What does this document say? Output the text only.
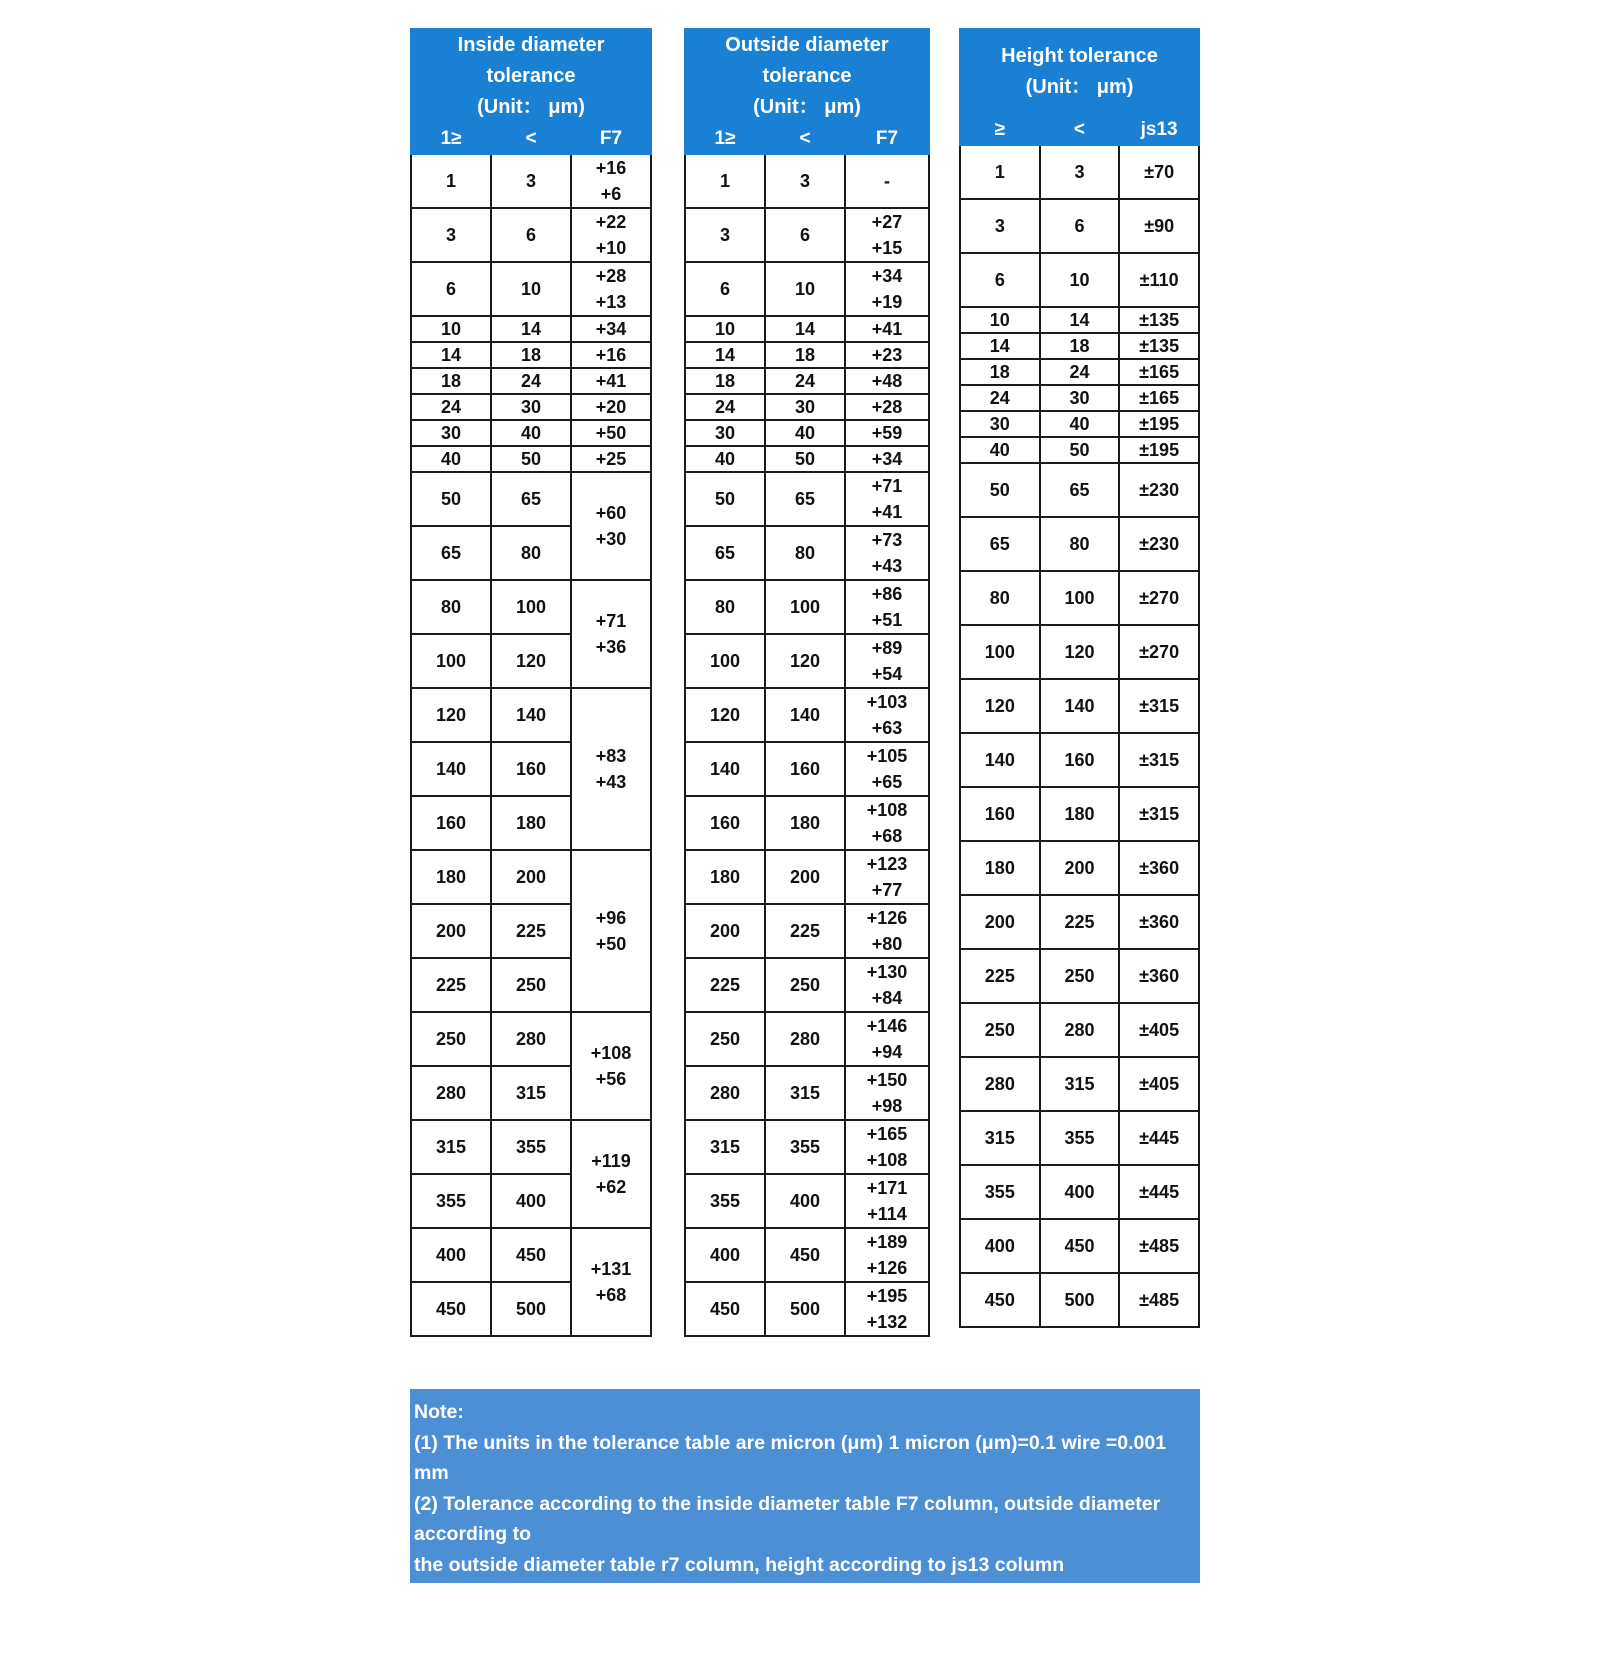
Inside diameter tolerance
(Unit： μm)		

1≥	<	F7
1	3	+16
+6

3	6	+22
+10

6	10	+28
+13

10	14	+34
14	18	+16
18	24	+41
24	30	+20
30	40	+50
40	50	+25
50	65	+60
+30

65	80	
80	100	+71
+36

100	120	
120	140	+83
+43

140	160	
160	180	
180	200	+96
+50

200	225	
225	250	
250	280	+108
+56

280	315	
315	355	+119
+62

355	400	
400	450	+131
+68

450	500	
Outside diameter tolerance
(Unit： μm)		

1≥	<	F7
1	3	-
3	6	+27
+15

6	10	+34
+19

10	14	+41
14	18	+23
18	24	+48
24	30	+28
30	40	+59
40	50	+34
50	65	+71
+41

65	80	+73
+43

80	100	+86
+51

100	120	+89
+54

120	140	+103
+63

140	160	+105
+65

160	180	+108
+68

180	200	+123
+77

200	225	+126
+80

225	250	+130
+84

250	280	+146
+94

280	315	+150
+98

315	355	+165
+108

355	400	+171
+114

400	450	+189
+126

450	500	+195
+132
Height tolerance
(Unit： μm)		

≥	<	js13
1	3	±70
3	6	±90
6	10	±110
10	14	±135
14	18	±135
18	24	±165
24	30	±165
30	40	±195
40	50	±195
50	65	±230
65	80	±230
80	100	±270
100	120	±270
120	140	±315
140	160	±315
160	180	±315
180	200	±360
200	225	±360
225	250	±360
250	280	±405
280	315	±405
315	355	±445
355	400	±445
400	450	±485
450	500	±485

Note:

(1) The units in the tolerance table are micron (μm) 1 micron (μm)=0.1 wire =0.001 mm

(2) Tolerance according to the inside diameter table F7 column, outside diameter according to

the outside diameter table r7 column, height according to js13 column

(3) For example, powder metallurgy 04*08*12 inner diameter tolerance is: 0.01mm~0.022mm;

Outer diameter: 0.019mm~0.034mm;Length: -0.135mm~+0.135mm
